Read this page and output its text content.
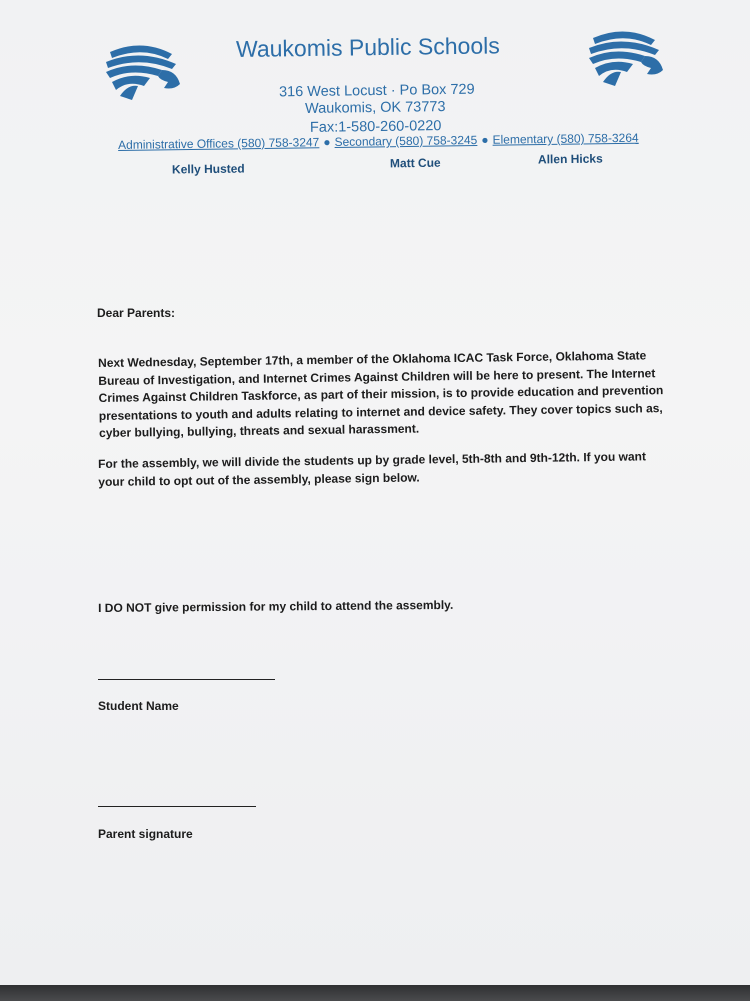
Waukomis Public Schools
316 West Locust · Po Box 729
Waukomis, OK 73773
Fax:1-580-260-0220
Administrative Offices (580) 758-3247 ● Secondary (580) 758-3245 ● Elementary (580) 758-3264
Kelly Husted	Matt Cue	Allen Hicks
Dear Parents:
Next Wednesday, September 17th, a member of the Oklahoma ICAC Task Force, Oklahoma State Bureau of Investigation, and Internet Crimes Against Children will be here to present. The Internet Crimes Against Children Taskforce, as part of their mission, is to provide education and prevention presentations to youth and adults relating to internet and device safety. They cover topics such as, cyber bullying, bullying, threats and sexual harassment.
For the assembly, we will divide the students up by grade level, 5th-8th and 9th-12th. If you want your child to opt out of the assembly, please sign below.
I DO NOT give permission for my child to attend the assembly.
Student Name
Parent signature
